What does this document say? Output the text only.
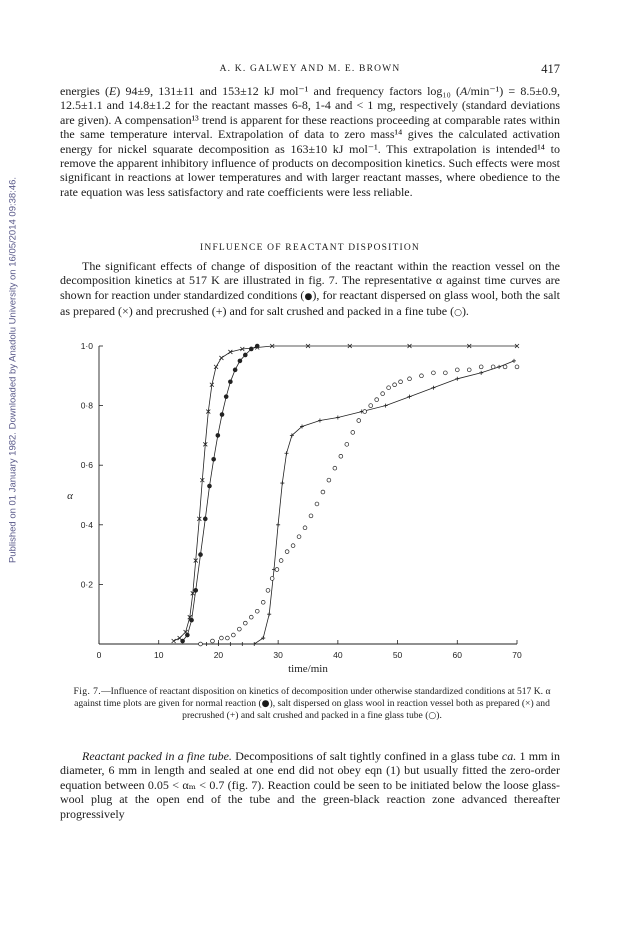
Published on 01 January 1982. Downloaded by Anadolu University on 16/05/2014 09:38:46.
A. K. GALWEY AND M. E. BROWN	417

energies (E) 94±9, 131±11 and 153±12 kJ mol⁻¹ and frequency factors log₁₀ (A/min⁻¹) = 8.5±0.9, 12.5±1.1 and 14.8±1.2 for the reactant masses 6-8, 1-4 and < 1 mg, respectively (standard deviations are given). A compensation¹³ trend is apparent for these reactions proceeding at comparable rates within the same temperature interval. Extrapolation of data to zero mass¹⁴ gives the calculated activation energy for nickel squarate decomposition as 163±10 kJ mol⁻¹. This extrapolation is intended¹⁴ to remove the apparent inhibitory influence of products on decomposition kinetics. Such effects were most significant in reactions at lower temperatures and with larger reactant masses, where obedience to the rate equation was less satisfactory and rate coefficients were less reliable.

INFLUENCE OF REACTANT DISPOSITION

The significant effects of change of disposition of the reactant within the reaction vessel on the decomposition kinetics at 517 K are illustrated in fig. 7. The representative α against time curves are shown for reaction under standardized conditions (●), for reactant dispersed on glass wool, both the salt as prepared (×) and precrushed (+) and for salt crushed and packed in a fine tube (○).

0	10	20	30	40	50	60	70
0·2
0·4
0·6
0·8
1·0
α
time/min
Fig. 7.—Influence of reactant disposition on kinetics of decomposition under otherwise standardized conditions at 517 K. α against time plots are given for normal reaction (●), salt dispersed on glass wool in reaction vessel both as prepared (×) and precrushed (+) and salt crushed and packed in a fine glass tube (○).

Reactant packed in a fine tube. Decompositions of salt tightly confined in a glass tube ca. 1 mm in diameter, 6 mm in length and sealed at one end did not obey eqn (1) but usually fitted the zero-order equation between 0.05 < αₘ < 0.7 (fig. 7). Reaction could be seen to be initiated below the loose glass-wool plug at the open end of the tube and the green-black reaction zone advanced thereafter progressively
